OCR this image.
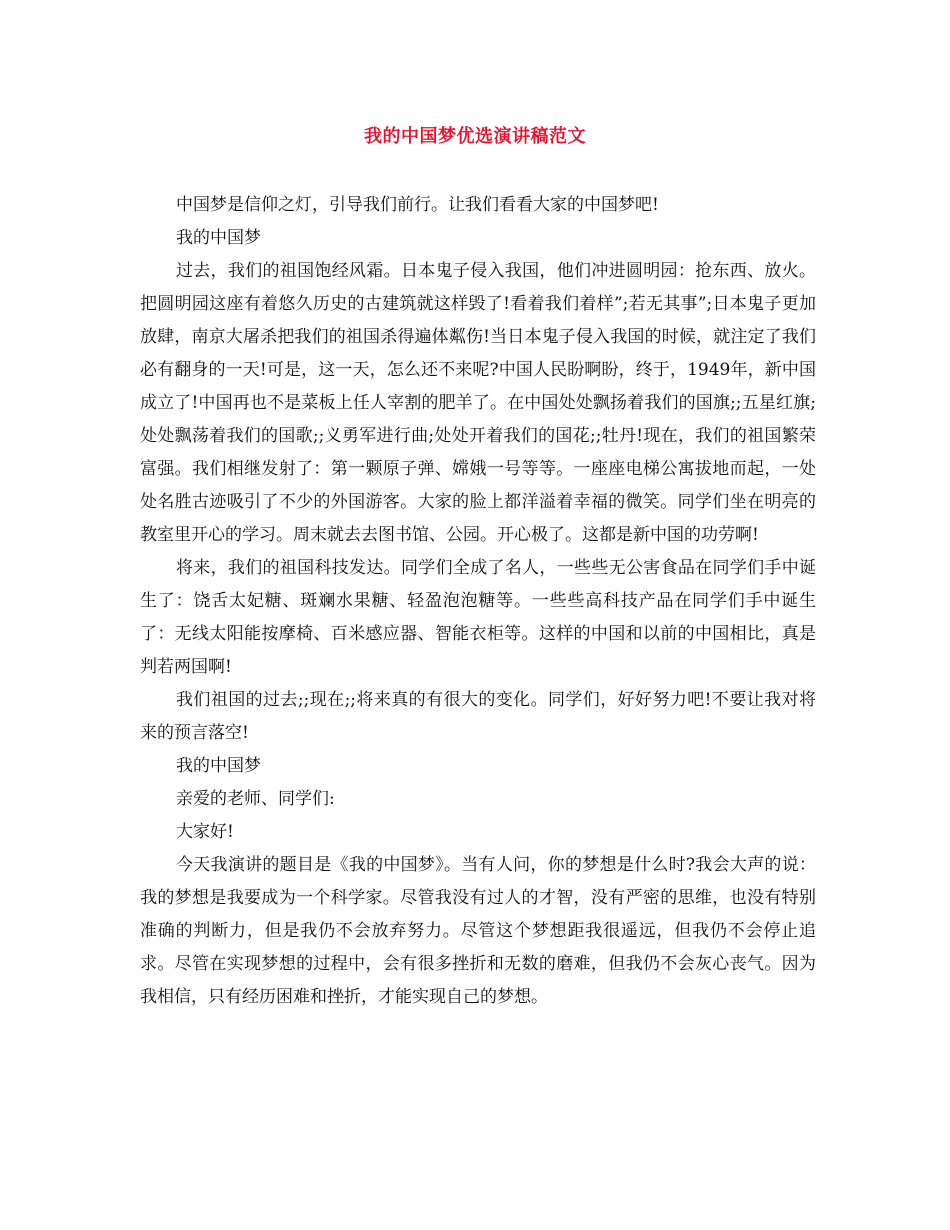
我的中国梦优选演讲稿范文

中国梦是信仰之灯，引导我们前行。让我们看看大家的中国梦吧!

我的中国梦

过去，我们的祖国饱经风霜。日本鬼子侵入我国，他们冲进圆明园：抢东西、放火。把圆明园这座有着悠久历史的古建筑就这样毁了!看着我们着样”;若无其事”;日本鬼子更加放肆，南京大屠杀把我们的祖国杀得遍体粼伤!当日本鬼子侵入我国的时候，就注定了我们必有翻身的一天!可是，这一天，怎么还不来呢?中国人民盼啊盼，终于，1949年，新中国成立了!中国再也不是菜板上任人宰割的肥羊了。在中国处处飘扬着我们的国旗;;五星红旗;处处飘荡着我们的国歌;;义勇军进行曲;处处开着我们的国花;;牡丹!现在，我们的祖国繁荣富强。我们相继发射了：第一颗原子弹、嫦娥一号等等。一座座电梯公寓拔地而起，一处处名胜古迹吸引了不少的外国游客。大家的脸上都洋溢着幸福的微笑。同学们坐在明亮的教室里开心的学习。周末就去去图书馆、公园。开心极了。这都是新中国的功劳啊!

将来，我们的祖国科技发达。同学们全成了名人，一些些无公害食品在同学们手中诞生了：饶舌太妃糖、斑斓水果糖、轻盈泡泡糖等。一些些高科技产品在同学们手中诞生了：无线太阳能按摩椅、百米感应器、智能衣柜等。这样的中国和以前的中国相比，真是判若两国啊!

我们祖国的过去;;现在;;将来真的有很大的变化。同学们，好好努力吧!不要让我对将来的预言落空!

我的中国梦

亲爱的老师、同学们:

大家好!

今天我演讲的题目是《我的中国梦》。当有人问，你的梦想是什么时?我会大声的说：我的梦想是我要成为一个科学家。尽管我没有过人的才智，没有严密的思维，也没有特别准确的判断力，但是我仍不会放弃努力。尽管这个梦想距我很遥远，但我仍不会停止追求。尽管在实现梦想的过程中，会有很多挫折和无数的磨难，但我仍不会灰心丧气。因为我相信，只有经历困难和挫折，才能实现自己的梦想。
